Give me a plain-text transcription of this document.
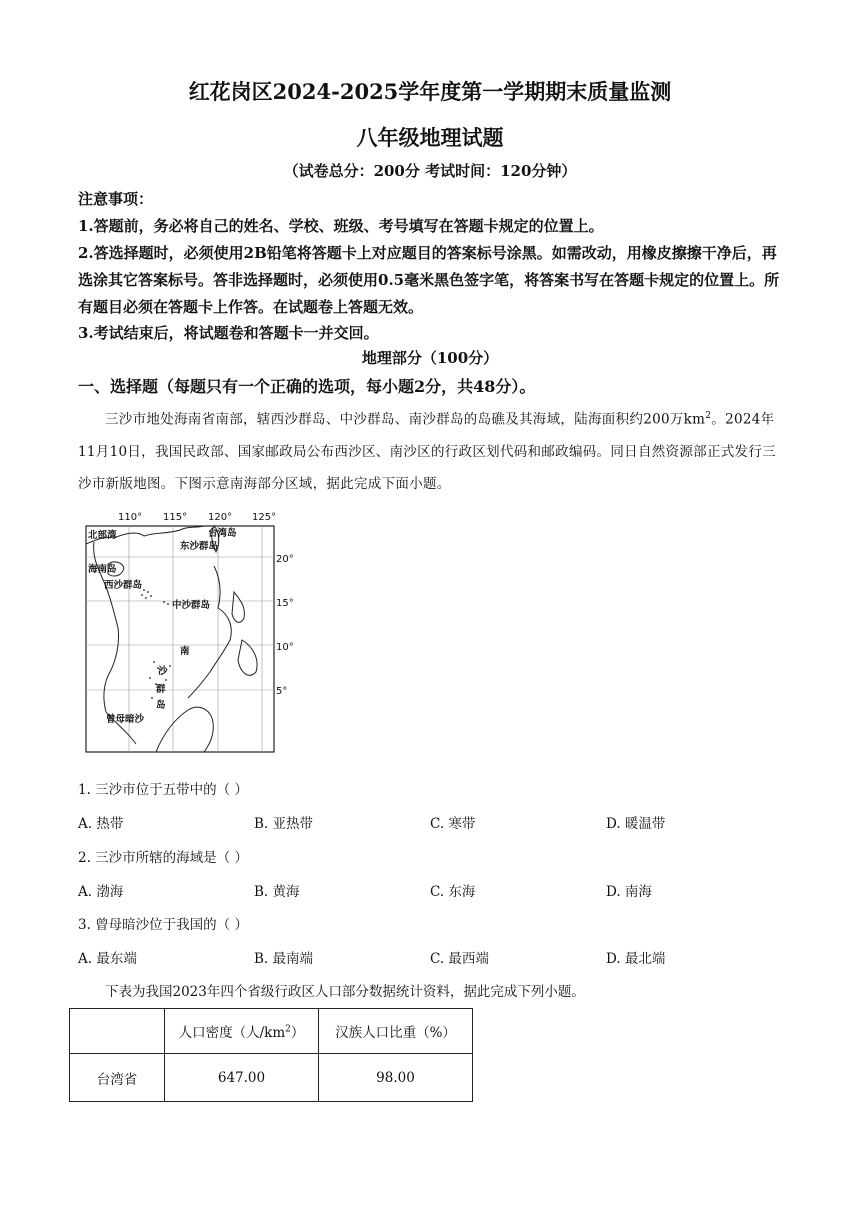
红花岗区2024-2025学年度第一学期期末质量监测
八年级地理试题
（试卷总分：200分 考试时间：120分钟）
注意事项：
1.答题前，务必将自己的姓名、学校、班级、考号填写在答题卡规定的位置上。
2.答选择题时，必须使用2B铅笔将答题卡上对应题目的答案标号涂黑。如需改动，用橡皮擦擦干净后，再选涂其它答案标号。答非选择题时，必须使用0.5毫米黑色签字笔，将答案书写在答题卡规定的位置上。所有题目必须在答题卡上作答。在试题卷上答题无效。
3.考试结束后，将试题卷和答题卡一并交回。
地理部分（100分）
一、选择题（每题只有一个正确的选项，每小题2分，共48分）。

三沙市地处海南省南部，辖西沙群岛、中沙群岛、南沙群岛的岛礁及其海域，陆海面积约200万$km^2$。2024年11月10日，我国民政部、国家邮政局公布西沙区、南沙区的行政区划代码和邮政编码。同日自然资源部正式发行三沙市新版地图。下图示意南海部分区域，据此完成下面小题。

110° 115° 120° 125°
20°
15°
10°
5°
北部湾	台湾岛
东沙群岛
海南岛
西沙群岛
中沙群岛
南
沙
群
岛
曾母暗沙
1. 三沙市位于五带中的（ ）
A. 热带	B. 亚热带	C. 寒带	D. 暖温带
2. 三沙市所辖的海域是（ ）
A. 渤海	B. 黄海	C. 东海	D. 南海
3. 曾母暗沙位于我国的（ ）
A. 最东端	B. 最南端	C. 最西端	D. 最北端
下表为我国2023年四个省级行政区人口部分数据统计资料，据此完成下列小题。
	人口密度（人$/km^2$）	汉族人口比重（%）
台湾省	647.00	98.00
